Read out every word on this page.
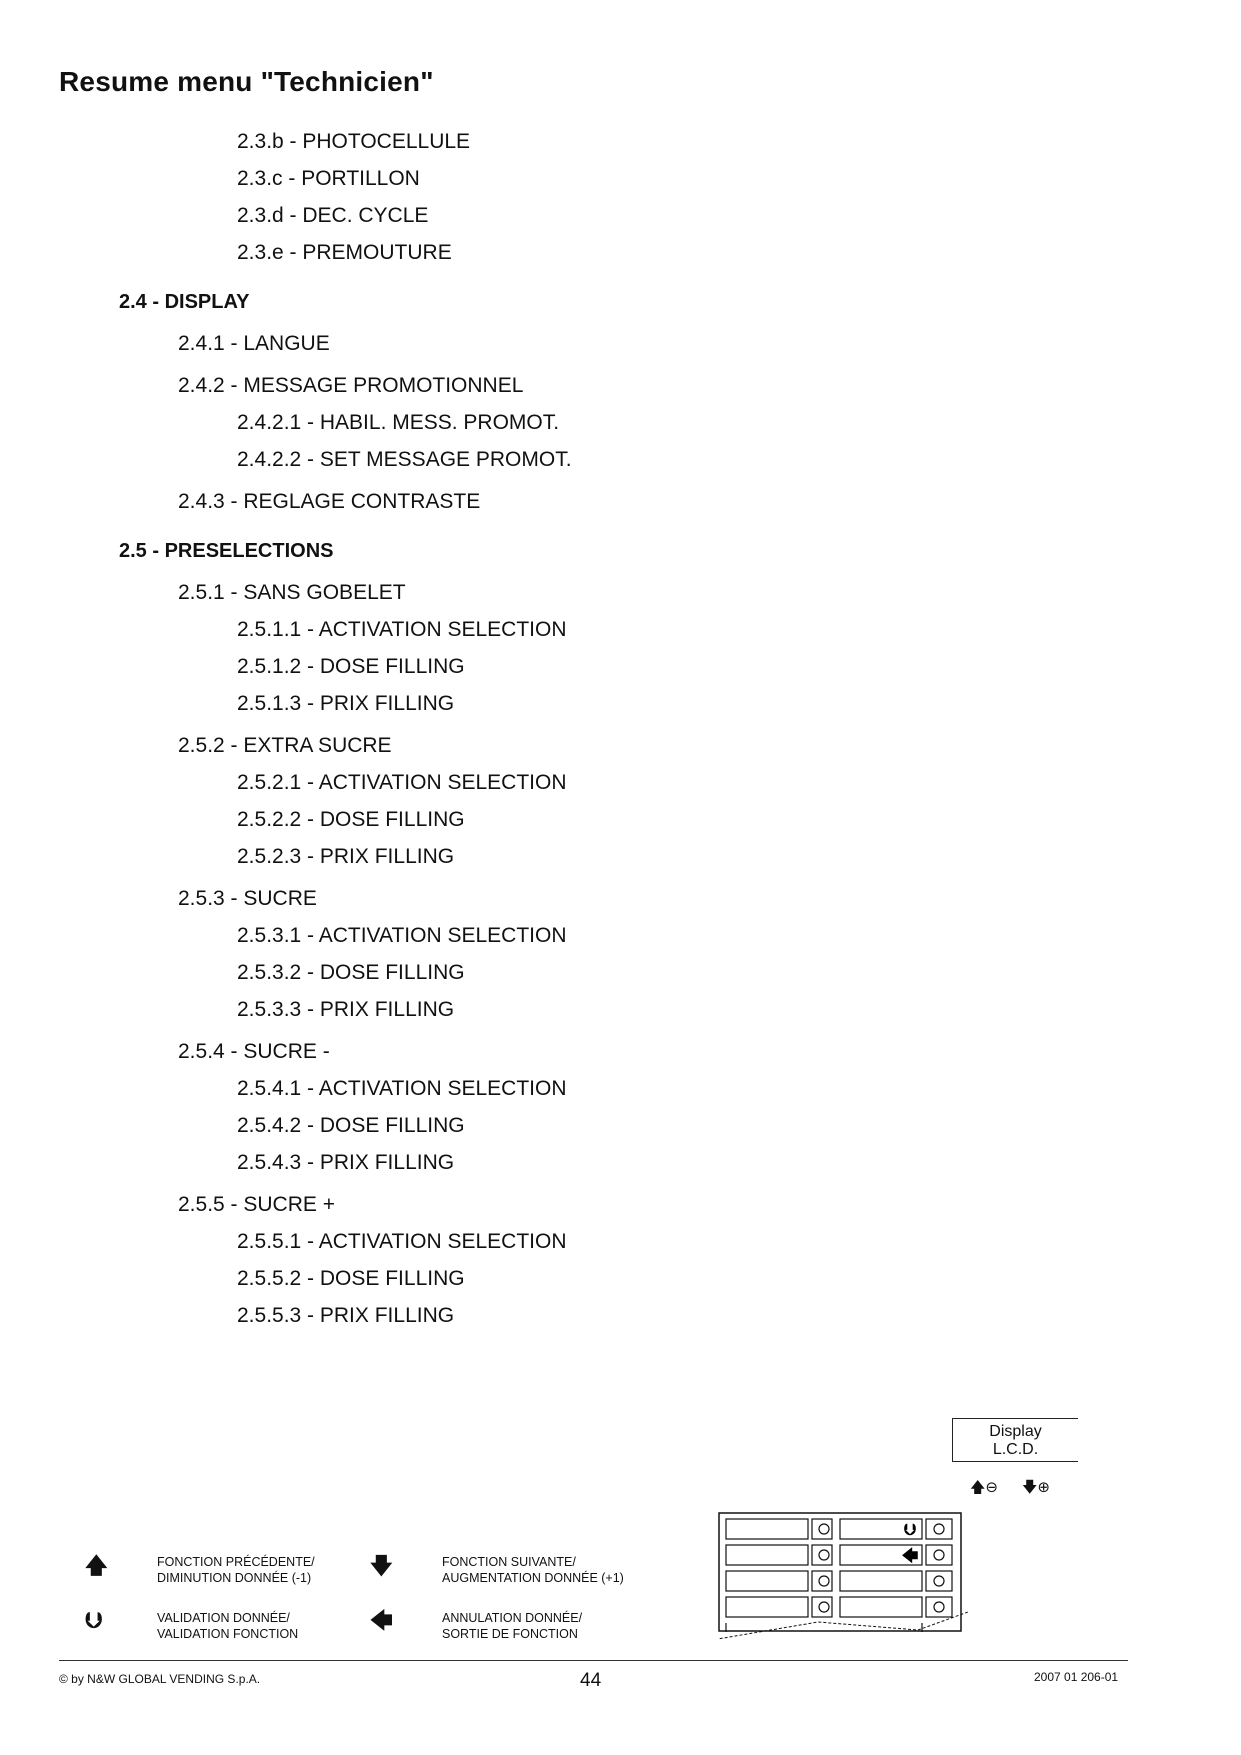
Resume menu "Technicien"
2.3.b - PHOTOCELLULE
2.3.c - PORTILLON
2.3.d - DEC. CYCLE
2.3.e - PREMOUTURE
2.4 - DISPLAY
2.4.1 - LANGUE
2.4.2 - MESSAGE PROMOTIONNEL
2.4.2.1 - HABIL. MESS. PROMOT.
2.4.2.2 - SET MESSAGE PROMOT.
2.4.3 - REGLAGE CONTRASTE
2.5 - PRESELECTIONS
2.5.1 - SANS GOBELET
2.5.1.1 - ACTIVATION SELECTION
2.5.1.2 - DOSE FILLING
2.5.1.3 - PRIX FILLING
2.5.2 - EXTRA SUCRE
2.5.2.1 - ACTIVATION SELECTION
2.5.2.2 - DOSE FILLING
2.5.2.3 - PRIX FILLING
2.5.3 - SUCRE
2.5.3.1 - ACTIVATION SELECTION
2.5.3.2 - DOSE FILLING
2.5.3.3 - PRIX FILLING
2.5.4 - SUCRE -
2.5.4.1 - ACTIVATION SELECTION
2.5.4.2 - DOSE FILLING
2.5.4.3 - PRIX FILLING
2.5.5 - SUCRE +
2.5.5.1 - ACTIVATION SELECTION
2.5.5.2 - DOSE FILLING
2.5.5.3 - PRIX FILLING
Display
L.C.D.
🡅⊖ 🡇⊕
⮋
🡄
🡅	FONCTION PRÉCÉDENTE/
DIMINUTION DONNÉE (-1)	🡇	FONCTION SUIVANTE/
AUGMENTATION DONNÉE (+1)
⮋	VALIDATION DONNÉE/
VALIDATION FONCTION
🡄	ANNULATION DONNÉE/
SORTIE DE FONCTION
© by N&W GLOBAL VENDING S.p.A.	44	2007 01 206-01
